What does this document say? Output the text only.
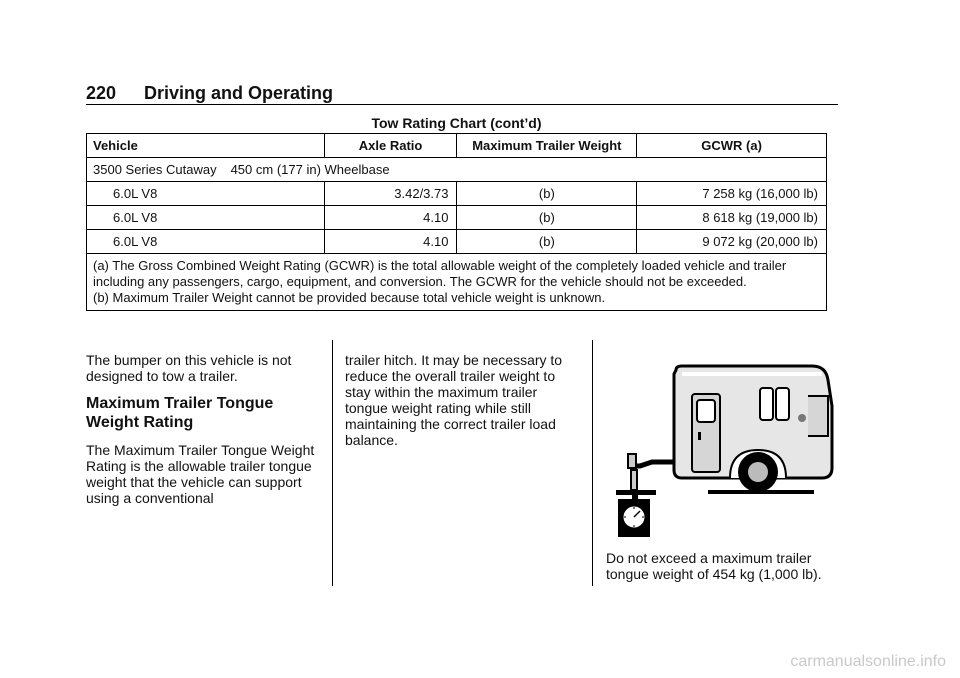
220 Driving and Operating
Tow Rating Chart (cont’d)
Vehicle	Axle Ratio	Maximum Trailer Weight	GCWR (a)
3500 Series Cutaway 450 cm (177 in) Wheelbase			
6.0L V8	3.42/3.73	(b)	7 258 kg (16,000 lb)
6.0L V8	4.10	(b)	8 618 kg (19,000 lb)
6.0L V8	4.10	(b)	9 072 kg (20,000 lb)

(a) The Gross Combined Weight Rating (GCWR) is the total allowable weight of the completely loaded vehicle and trailer including any passengers, cargo, equipment, and conversion. The GCWR for the vehicle should not be exceeded.
(b) Maximum Trailer Weight cannot be provided because total vehicle weight is unknown.			

The bumper on this vehicle is not designed to tow a trailer.

Maximum Trailer Tongue Weight Rating

The Maximum Trailer Tongue Weight Rating is the allowable trailer tongue weight that the vehicle can support using a conventional

trailer hitch. It may be necessary to reduce the overall trailer weight to stay within the maximum trailer tongue weight rating while still maintaining the correct trailer load balance.

Do not exceed a maximum trailer tongue weight of 454 kg (1,000 lb).
carmanualsonline.info
